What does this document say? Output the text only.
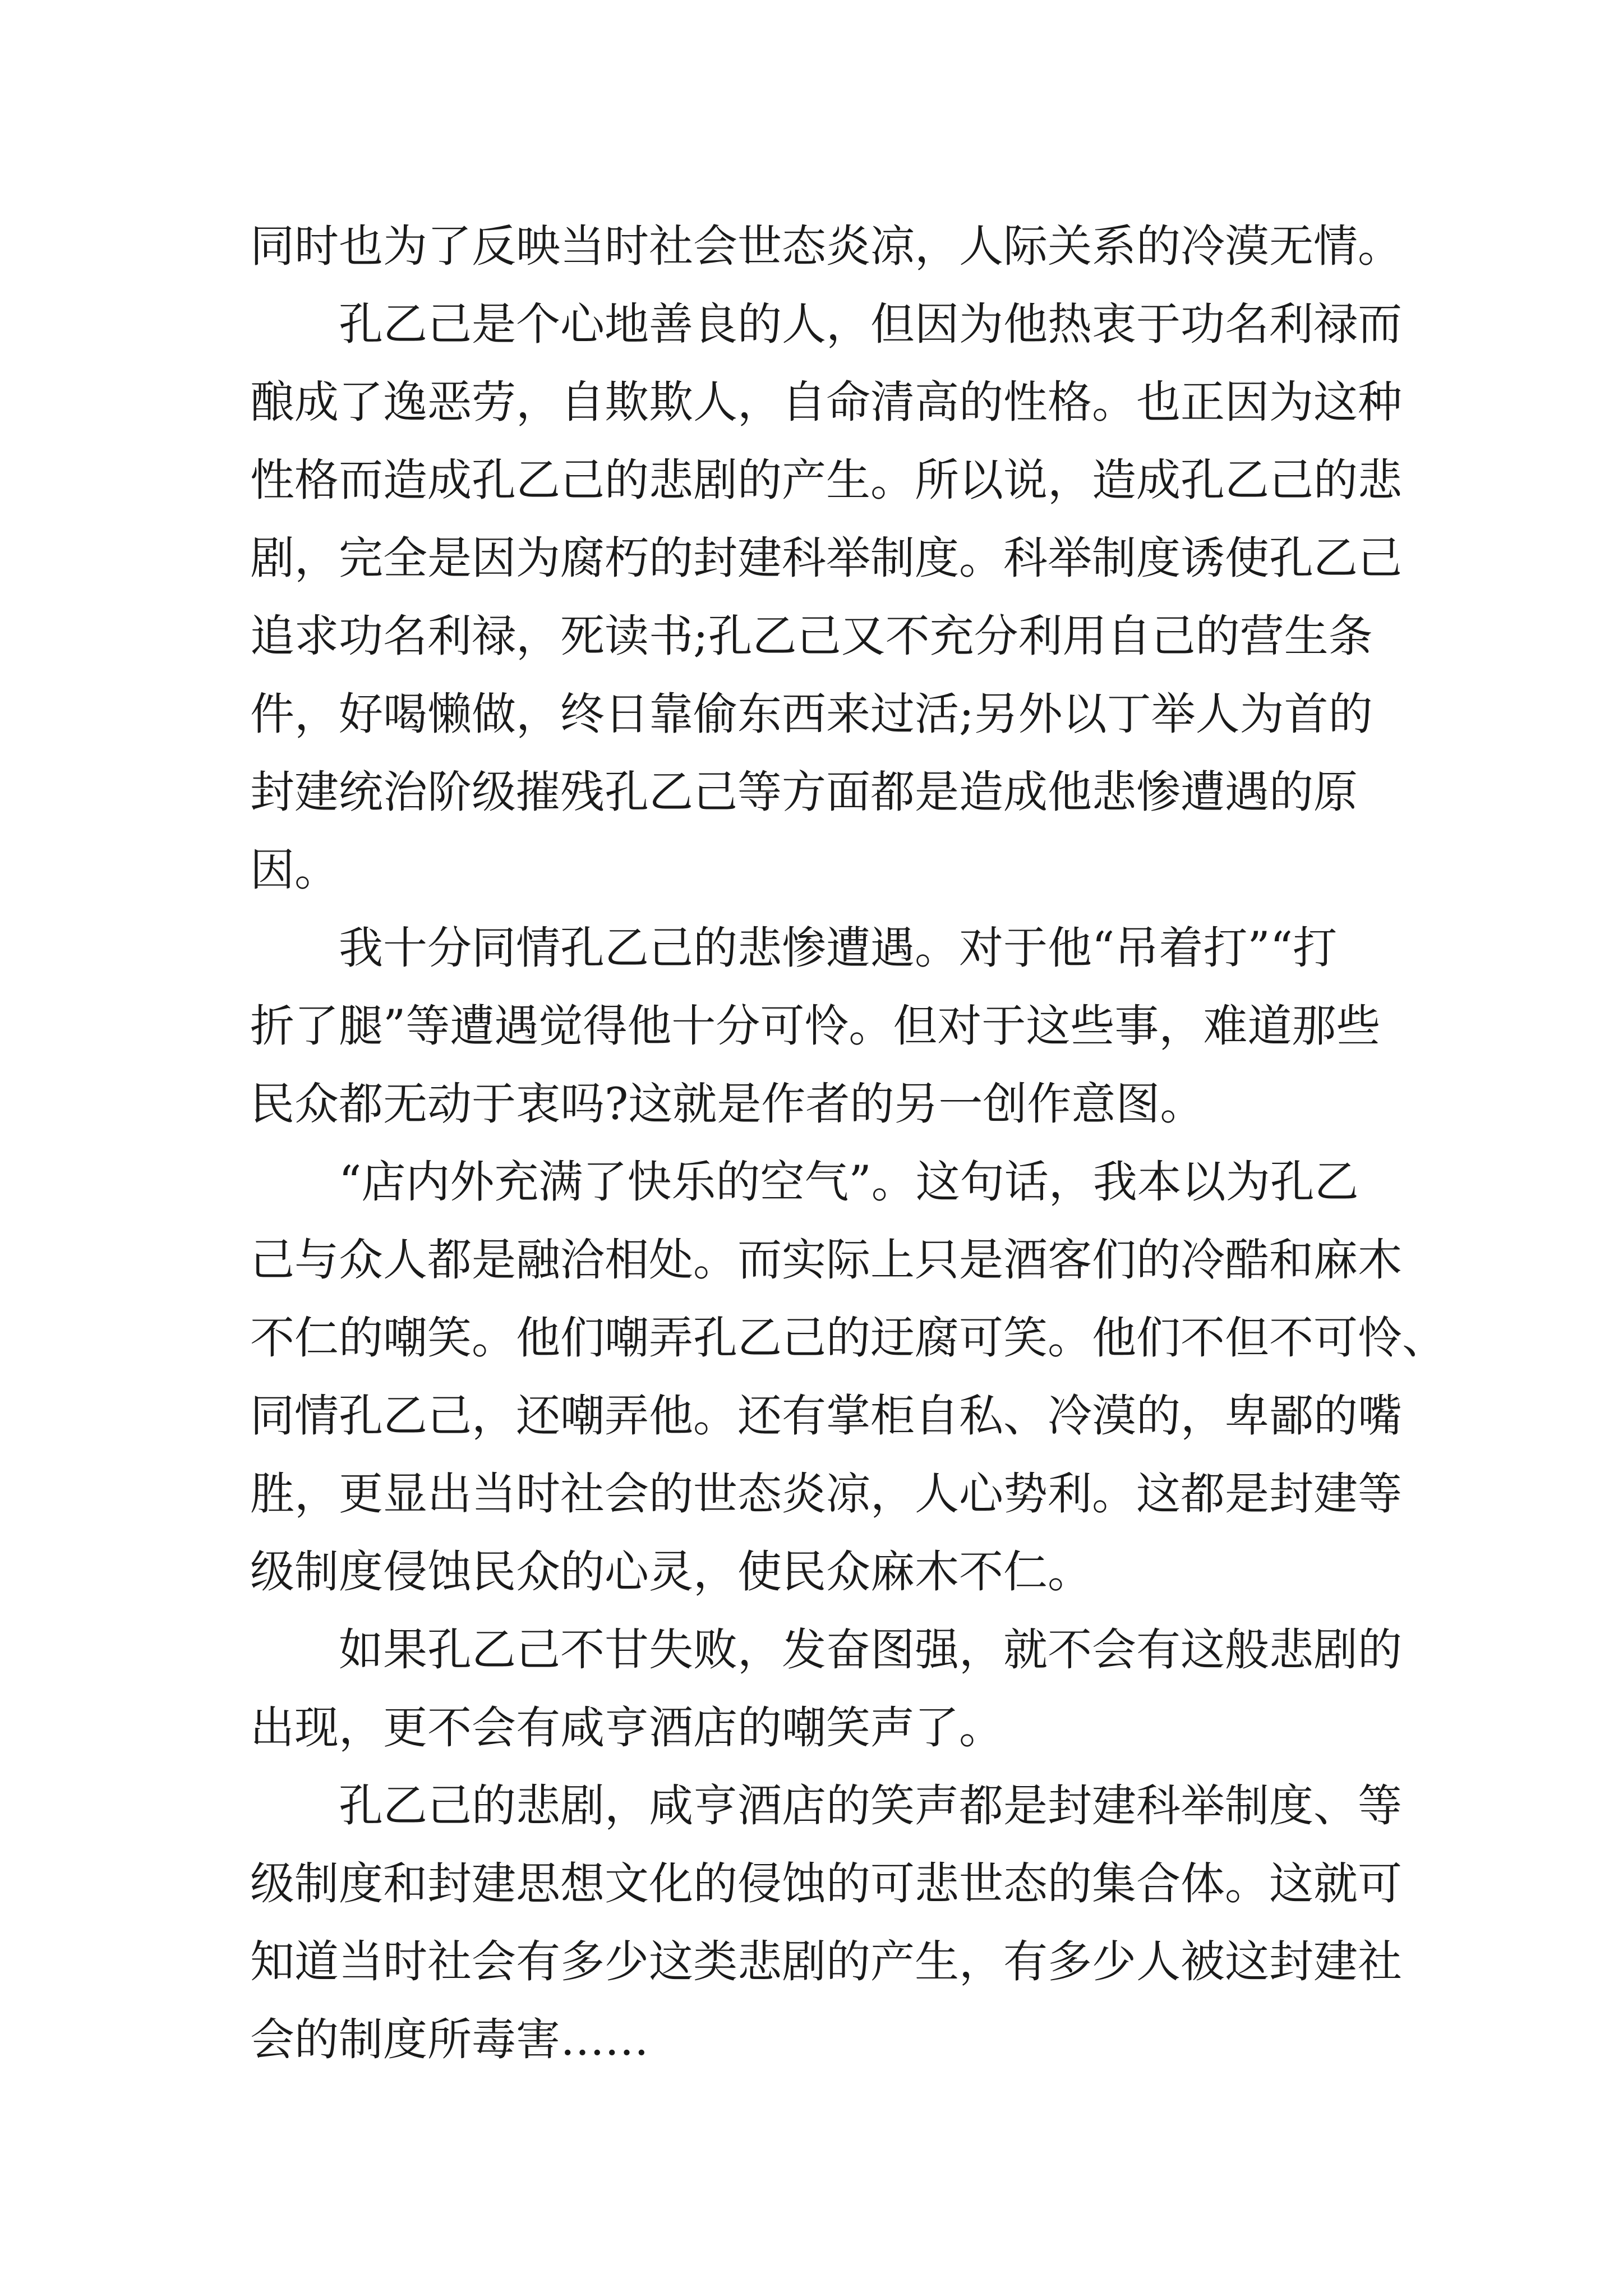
同时也为了反映当时社会世态炎凉，人际关系的冷漠无情。
孔乙己是个心地善良的人，但因为他热衷于功名利禄而
酿成了逸恶劳，自欺欺人，自命清高的性格。也正因为这种
性格而造成孔乙己的悲剧的产生。所以说，造成孔乙己的悲
剧，完全是因为腐朽的封建科举制度。科举制度诱使孔乙己
追求功名利禄，死读书;孔乙己又不充分利用自己的营生条
件，好喝懒做，终日靠偷东西来过活;另外以丁举人为首的
封建统治阶级摧残孔乙己等方面都是造成他悲惨遭遇的原
因。
我十分同情孔乙己的悲惨遭遇。对于他“吊着打”“打
折了腿”等遭遇觉得他十分可怜。但对于这些事，难道那些
民众都无动于衷吗?这就是作者的另一创作意图。
“店内外充满了快乐的空气”。这句话，我本以为孔乙
己与众人都是融洽相处。而实际上只是酒客们的冷酷和麻木
不仁的嘲笑。他们嘲弄孔乙己的迂腐可笑。他们不但不可怜、
同情孔乙己，还嘲弄他。还有掌柜自私、冷漠的，卑鄙的嘴
胜，更显出当时社会的世态炎凉，人心势利。这都是封建等
级制度侵蚀民众的心灵，使民众麻木不仁。
如果孔乙己不甘失败，发奋图强，就不会有这般悲剧的
出现，更不会有咸亨酒店的嘲笑声了。
孔乙己的悲剧，咸亨酒店的笑声都是封建科举制度、等
级制度和封建思想文化的侵蚀的可悲世态的集合体。这就可
知道当时社会有多少这类悲剧的产生，有多少人被这封建社
会的制度所毒害……
